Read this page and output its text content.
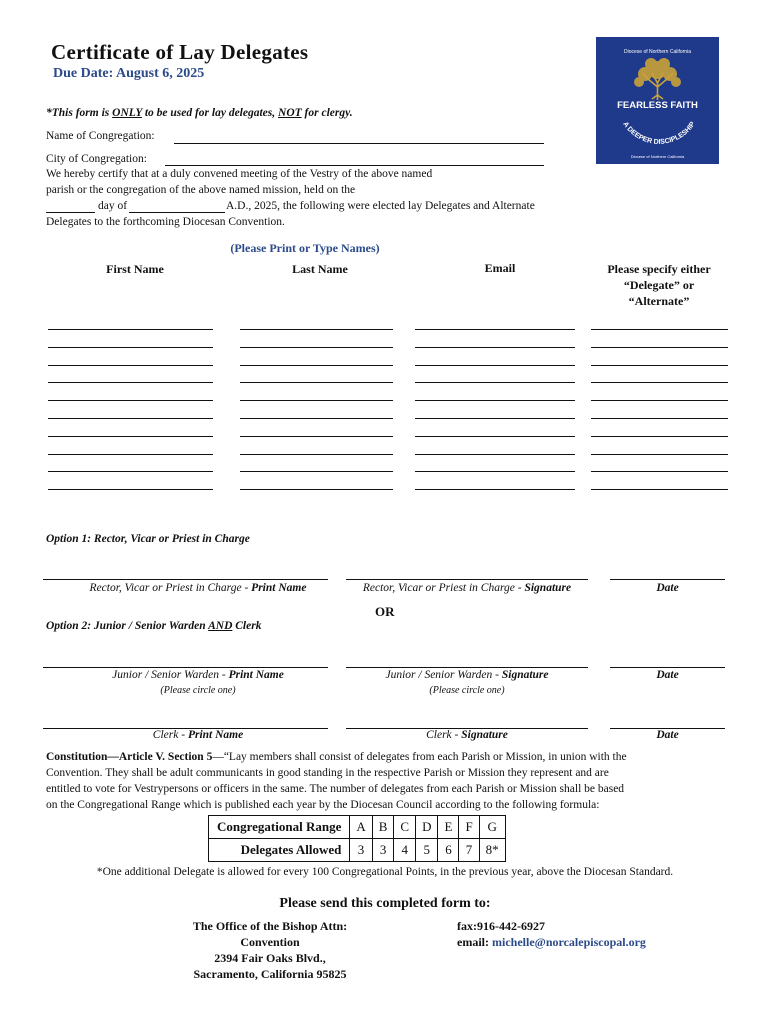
Certificate of Lay Delegates
Due Date: August 6, 2025
Diocese of Northern California
FEARLESS FAITH
A DEEPER DISCIPLESHIP
Diocese of Northern California
*This form is ONLY to be used for lay delegates, NOT for clergy.
Name of Congregation:
City of Congregation:
We hereby certify that at a duly convened meeting of the Vestry of the above named
parish or the congregation of the above named mission, held on the
day of	A.D., 2025, the following were elected lay Delegates and Alternate
Delegates to the forthcoming Diocesan Convention.
(Please Print or Type Names)
First Name	Last Name	Email	Please specify either
“Delegate” or
“Alternate”
Option 1: Rector, Vicar or Priest in Charge
Rector, Vicar or Priest in Charge - Print Name	Rector, Vicar or Priest in Charge - Signature	Date
OR
Option 2: Junior / Senior Warden AND Clerk
Junior / Senior Warden - Print Name	Junior / Senior Warden - Signature	Date
(Please circle one)	(Please circle one)
Clerk - Print Name	Clerk - Signature	Date
Constitution—Article V. Section 5—“Lay members shall consist of delegates from each Parish or Mission, in union with the
Convention. They shall be adult communicants in good standing in the respective Parish or Mission they represent and are
entitled to vote for Vestrypersons or officers in the same. The number of delegates from each Parish or Mission shall be based
on the Congregational Range which is published each year by the Diocesan Council according to the following formula:
Congregational Range	A	B	C	D	E	F	G
Delegates Allowed	3	3	4	5	6	7	8*
*One additional Delegate is allowed for every 100 Congregational Points, in the previous year, above the Diocesan Standard.
Please send this completed form to:
The Office of the Bishop Attn:
Convention
2394 Fair Oaks Blvd.,
Sacramento, California 95825
fax:916-442-6927
email: michelle@norcalepiscopal.org
